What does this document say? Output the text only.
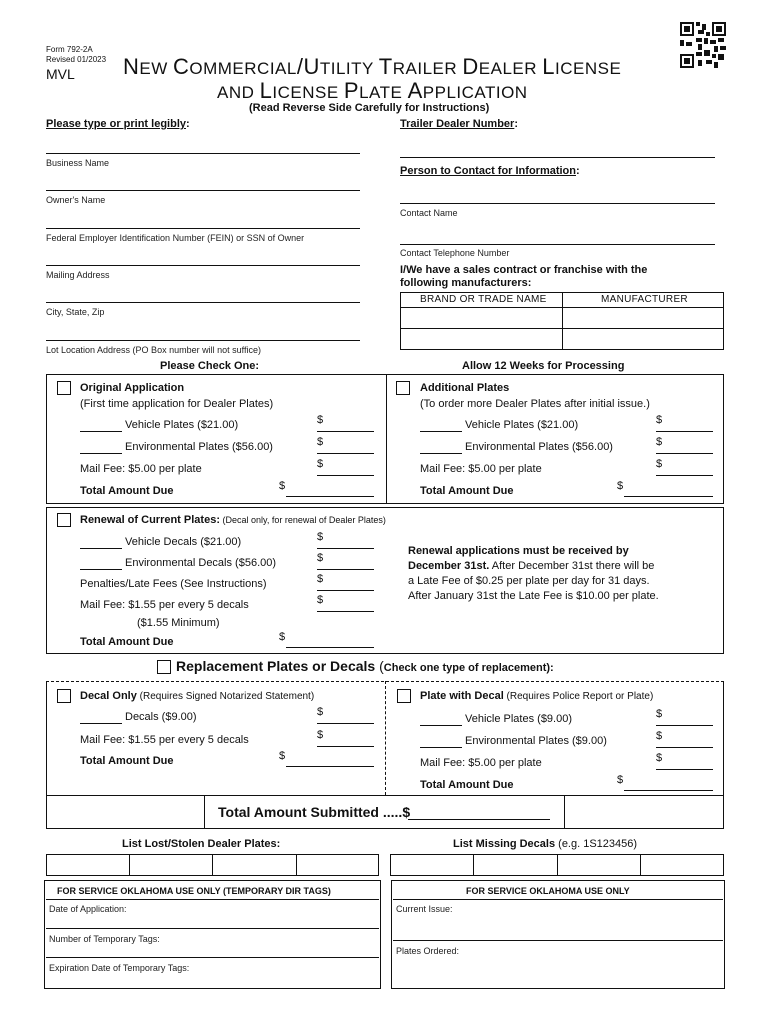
Form 792-2A
Revised 01/2023
MVL NEW COMMERCIAL/UTILITY TRAILER DEALER LICENSE
AND LICENSE PLATE APPLICATION
(Read Reverse Side Carefully for Instructions)
Please type or print legibly:
Business Name
Owner's Name
Federal Employer Identification Number (FEIN) or SSN of Owner
Mailing Address
City, State, Zip
Lot Location Address (PO Box number will not suffice)
Trailer Dealer Number:
Person to Contact for Information:
Contact Name
Contact Telephone Number
I/We have a sales contract or franchise with the
following manufacturers:
BRAND OR TRADE NAME	MANUFACTURER
Please Check One:	Allow 12 Weeks for Processing
Original Application
(First time application for Dealer Plates)
Vehicle Plates ($21.00)	$
Environmental Plates ($56.00)	$
Mail Fee: $5.00 per plate	$
Total Amount Due	$
Additional Plates
(To order more Dealer Plates after initial issue.)
Vehicle Plates ($21.00)	$
Environmental Plates ($56.00)	$
Mail Fee: $5.00 per plate	$
Total Amount Due	$
Renewal of Current Plates: (Decal only, for renewal of Dealer Plates)
Vehicle Decals ($21.00)	$
Environmental Decals ($56.00)	$
Penalties/Late Fees (See Instructions)	$
Mail Fee: $1.55 per every 5 decals	$
($1.55 Minimum)
Total Amount Due	$
Renewal applications must be received by
December 31st. After December 31st there will be
a Late Fee of $0.25 per plate per day for 31 days.
After January 31st the Late Fee is $10.00 per plate.
Replacement Plates or Decals (Check one type of replacement):
Decal Only (Requires Signed Notarized Statement)
Decals ($9.00)	$
Mail Fee: $1.55 per every 5 decals	$
Total Amount Due	$
Plate with Decal (Requires Police Report or Plate)
Vehicle Plates ($9.00)	$
Environmental Plates ($9.00)	$
Mail Fee: $5.00 per plate	$
Total Amount Due	$
Total Amount Submitted .....$
List Lost/Stolen Dealer Plates:	List Missing Decals (e.g. 1S123456)
FOR SERVICE OKLAHOMA USE ONLY (TEMPORARY DIR TAGS)
Date of Application:
Number of Temporary Tags:
Expiration Date of Temporary Tags:
FOR SERVICE OKLAHOMA USE ONLY
Current Issue:
Plates Ordered:
